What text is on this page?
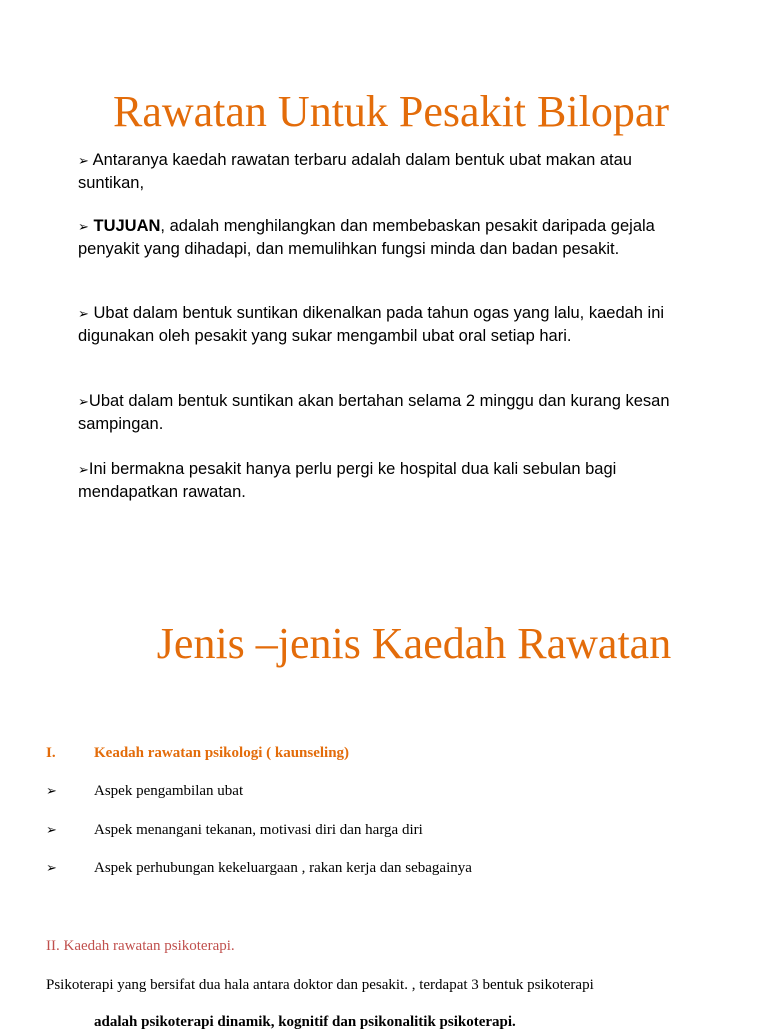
Rawatan Untuk Pesakit Bilopar

➢ Antaranya kaedah rawatan terbaru adalah dalam bentuk ubat makan atau suntikan,

➢ TUJUAN, adalah menghilangkan dan membebaskan pesakit daripada gejala penyakit yang dihadapi, dan memulihkan fungsi minda dan badan pesakit.

➢ Ubat dalam bentuk suntikan dikenalkan pada tahun ogas yang lalu, kaedah ini digunakan oleh pesakit yang sukar mengambil ubat oral setiap hari.

➢Ubat dalam bentuk suntikan akan bertahan selama 2 minggu dan kurang kesan sampingan.

➢Ini bermakna pesakit hanya perlu pergi ke hospital dua kali sebulan bagi mendapatkan rawatan.

Jenis –jenis Kaedah Rawatan

I.	Keadah rawatan psikologi ( kaunseling)

➢ Aspek pengambilan ubat

➢ Aspek menangani tekanan, motivasi diri dan harga diri

➢ Aspek perhubungan kekeluargaan , rakan kerja dan sebagainya

II. Kaedah rawatan psikoterapi.

Psikoterapi yang bersifat dua hala antara doktor dan pesakit. , terdapat 3 bentuk psikoterapi

adalah psikoterapi dinamik, kognitif dan psikonalitik psikoterapi.
